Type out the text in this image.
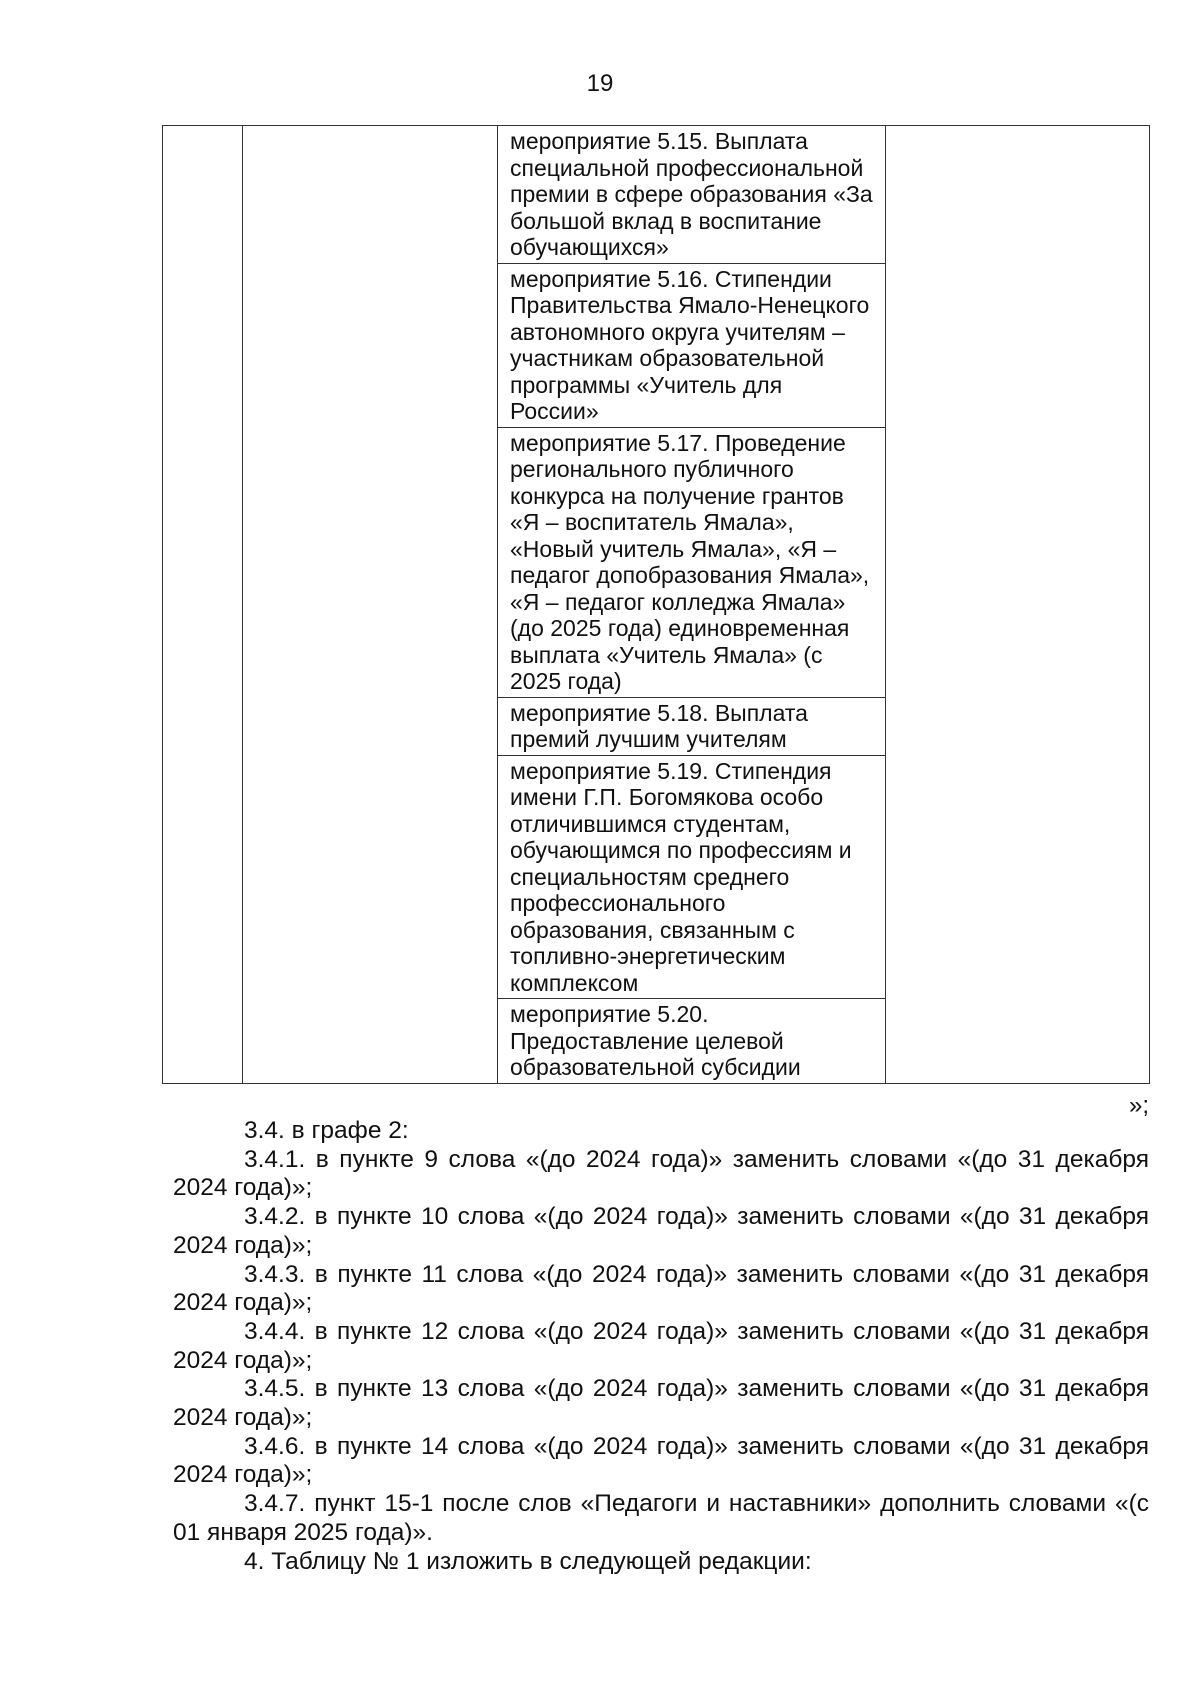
19
		мероприятие 5.15. Выплата специальной профессиональной премии в сфере образования «За большой вклад в воспитание обучающихся»	
мероприятие 5.16. Стипендии Правительства Ямало-Ненецкого автономного округа учителям – участникам образовательной программы «Учитель для России»
мероприятие 5.17. Проведение регионального публичного конкурса на получение грантов «Я – воспитатель Ямала», «Новый учитель Ямала», «Я – педагог допобразования Ямала», «Я – педагог колледжа Ямала» (до 2025 года) единовременная выплата «Учитель Ямала» (с 2025 года)
мероприятие 5.18. Выплата премий лучшим учителям
мероприятие 5.19. Стипендия имени Г.П. Богомякова особо отличившимся студентам, обучающимся по профессиям и специальностям среднего профессионального образования, связанным с топливно-энергетическим комплексом
мероприятие 5.20. Предоставление целевой образовательной субсидии
»;

3.4. в графе 2:

3.4.1. в пункте 9 слова «(до 2024 года)» заменить словами «(до 31 декабря 2024 года)»;

3.4.2. в пункте 10 слова «(до 2024 года)» заменить словами «(до 31 декабря 2024 года)»;

3.4.3. в пункте 11 слова «(до 2024 года)» заменить словами «(до 31 декабря 2024 года)»;

3.4.4. в пункте 12 слова «(до 2024 года)» заменить словами «(до 31 декабря 2024 года)»;

3.4.5. в пункте 13 слова «(до 2024 года)» заменить словами «(до 31 декабря 2024 года)»;

3.4.6. в пункте 14 слова «(до 2024 года)» заменить словами «(до 31 декабря 2024 года)»;

3.4.7. пункт 15-1 после слов «Педагоги и наставники» дополнить словами «(с 01 января 2025 года)».

4. Таблицу № 1 изложить в следующей редакции:
